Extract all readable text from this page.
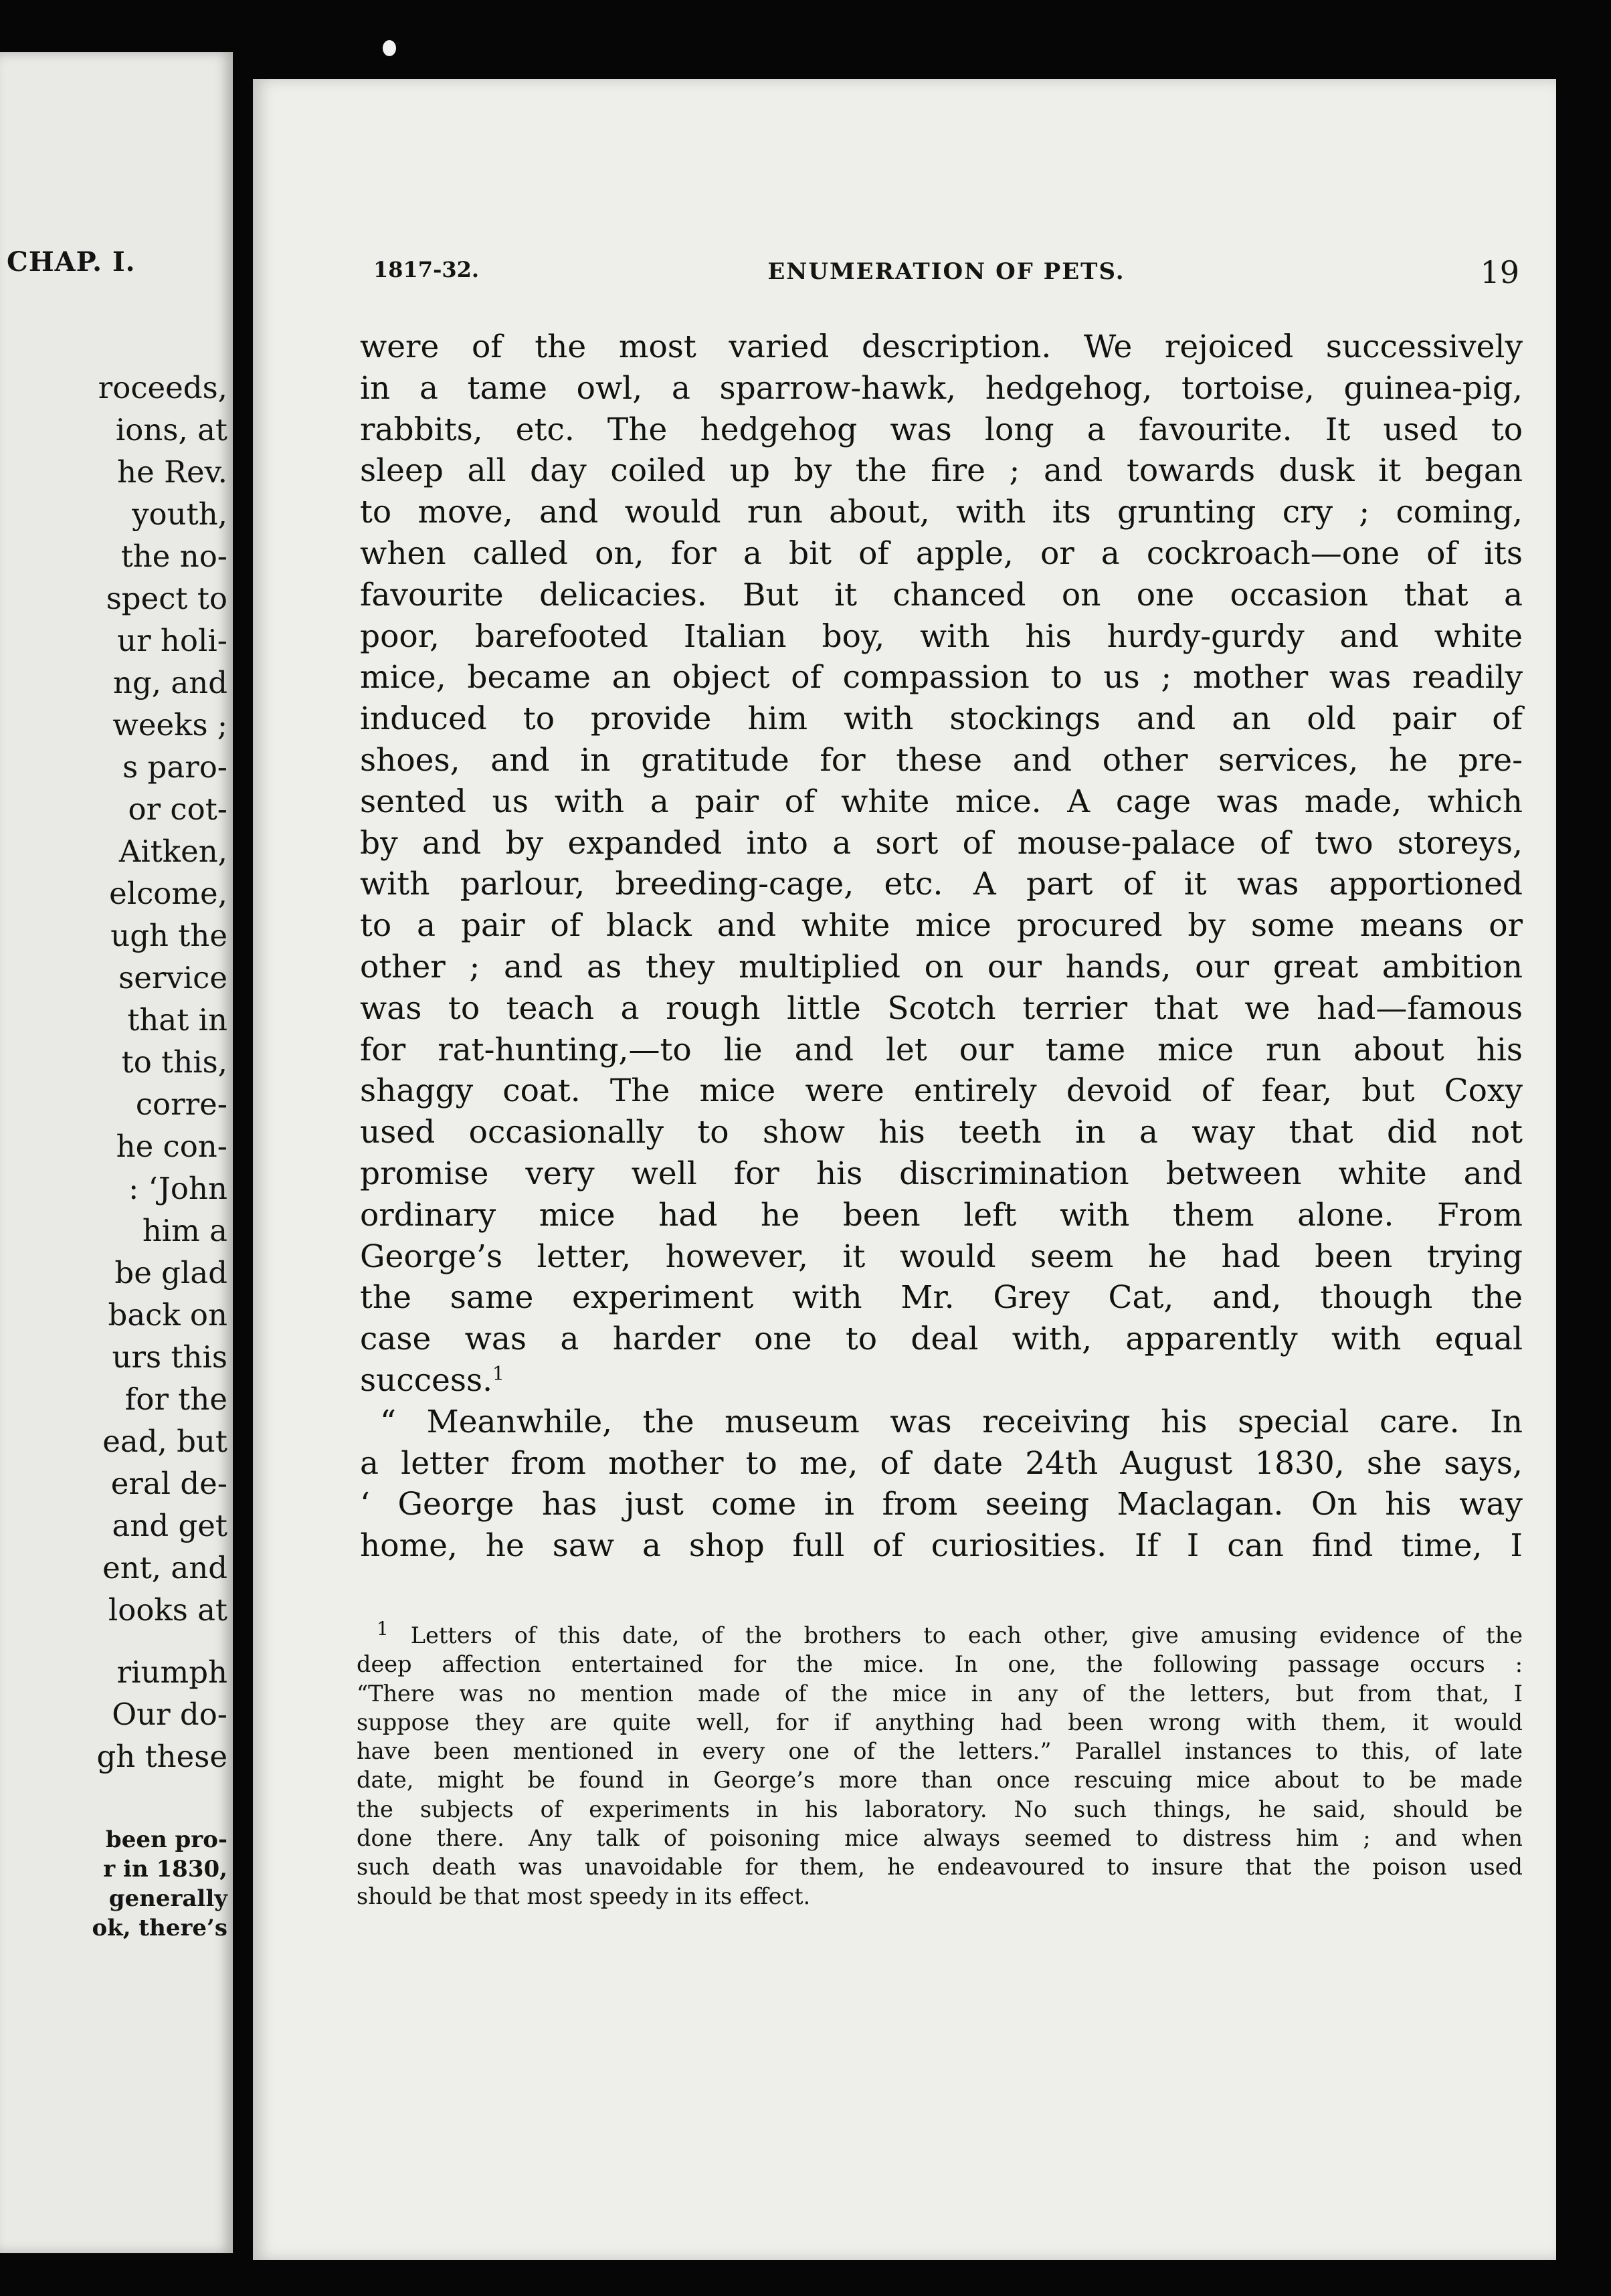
CHAP. I.
roceeds,
ions, at
he Rev.
youth,
the no-
spect to
ur holi-
ng, and
weeks ;
s paro-
or cot-
Aitken,
elcome,
ugh the
service
that in
to this,
corre-
he con-
: ‘John
him a
be glad
back on
urs this
for the
ead, but
eral de-
and get
ent, and
looks at
riumph
Our do-
gh these
been pro-
r in 1830,
generally
ok, there’s
1817-32.	ENUMERATION OF PETS.	19
were of the most varied description. We rejoiced successively
in a tame owl, a sparrow-hawk, hedgehog, tortoise, guinea-pig,
rabbits, etc. The hedgehog was long a favourite. It used to
sleep all day coiled up by the fire ; and towards dusk it began
to move, and would run about, with its grunting cry ; coming,
when called on, for a bit of apple, or a cockroach—one of its
favourite delicacies. But it chanced on one occasion that a
poor, barefooted Italian boy, with his hurdy-gurdy and white
mice, became an object of compassion to us ; mother was readily
induced to provide him with stockings and an old pair of
shoes, and in gratitude for these and other services, he pre-
sented us with a pair of white mice. A cage was made, which
by and by expanded into a sort of mouse-palace of two storeys,
with parlour, breeding-cage, etc. A part of it was apportioned
to a pair of black and white mice procured by some means or
other ; and as they multiplied on our hands, our great ambition
was to teach a rough little Scotch terrier that we had—famous
for rat-hunting,—to lie and let our tame mice run about his
shaggy coat. The mice were entirely devoid of fear, but Coxy
used occasionally to show his teeth in a way that did not
promise very well for his discrimination between white and
ordinary mice had he been left with them alone. From
George’s letter, however, it would seem he had been trying
the same experiment with Mr. Grey Cat, and, though the
case was a harder one to deal with, apparently with equal
success.$^1$
“ Meanwhile, the museum was receiving his special care. In
a letter from mother to me, of date 24th August 1830, she says,
‘ George has just come in from seeing Maclagan. On his way
home, he saw a shop full of curiosities. If I can find time, I
$^1$ Letters of this date, of the brothers to each other, give amusing evidence of the
deep affection entertained for the mice. In one, the following passage occurs :
“There was no mention made of the mice in any of the letters, but from that, I
suppose they are quite well, for if anything had been wrong with them, it would
have been mentioned in every one of the letters.” Parallel instances to this, of late
date, might be found in George’s more than once rescuing mice about to be made
the subjects of experiments in his laboratory. No such things, he said, should be
done there. Any talk of poisoning mice always seemed to distress him ; and when
such death was unavoidable for them, he endeavoured to insure that the poison used
should be that most speedy in its effect.
